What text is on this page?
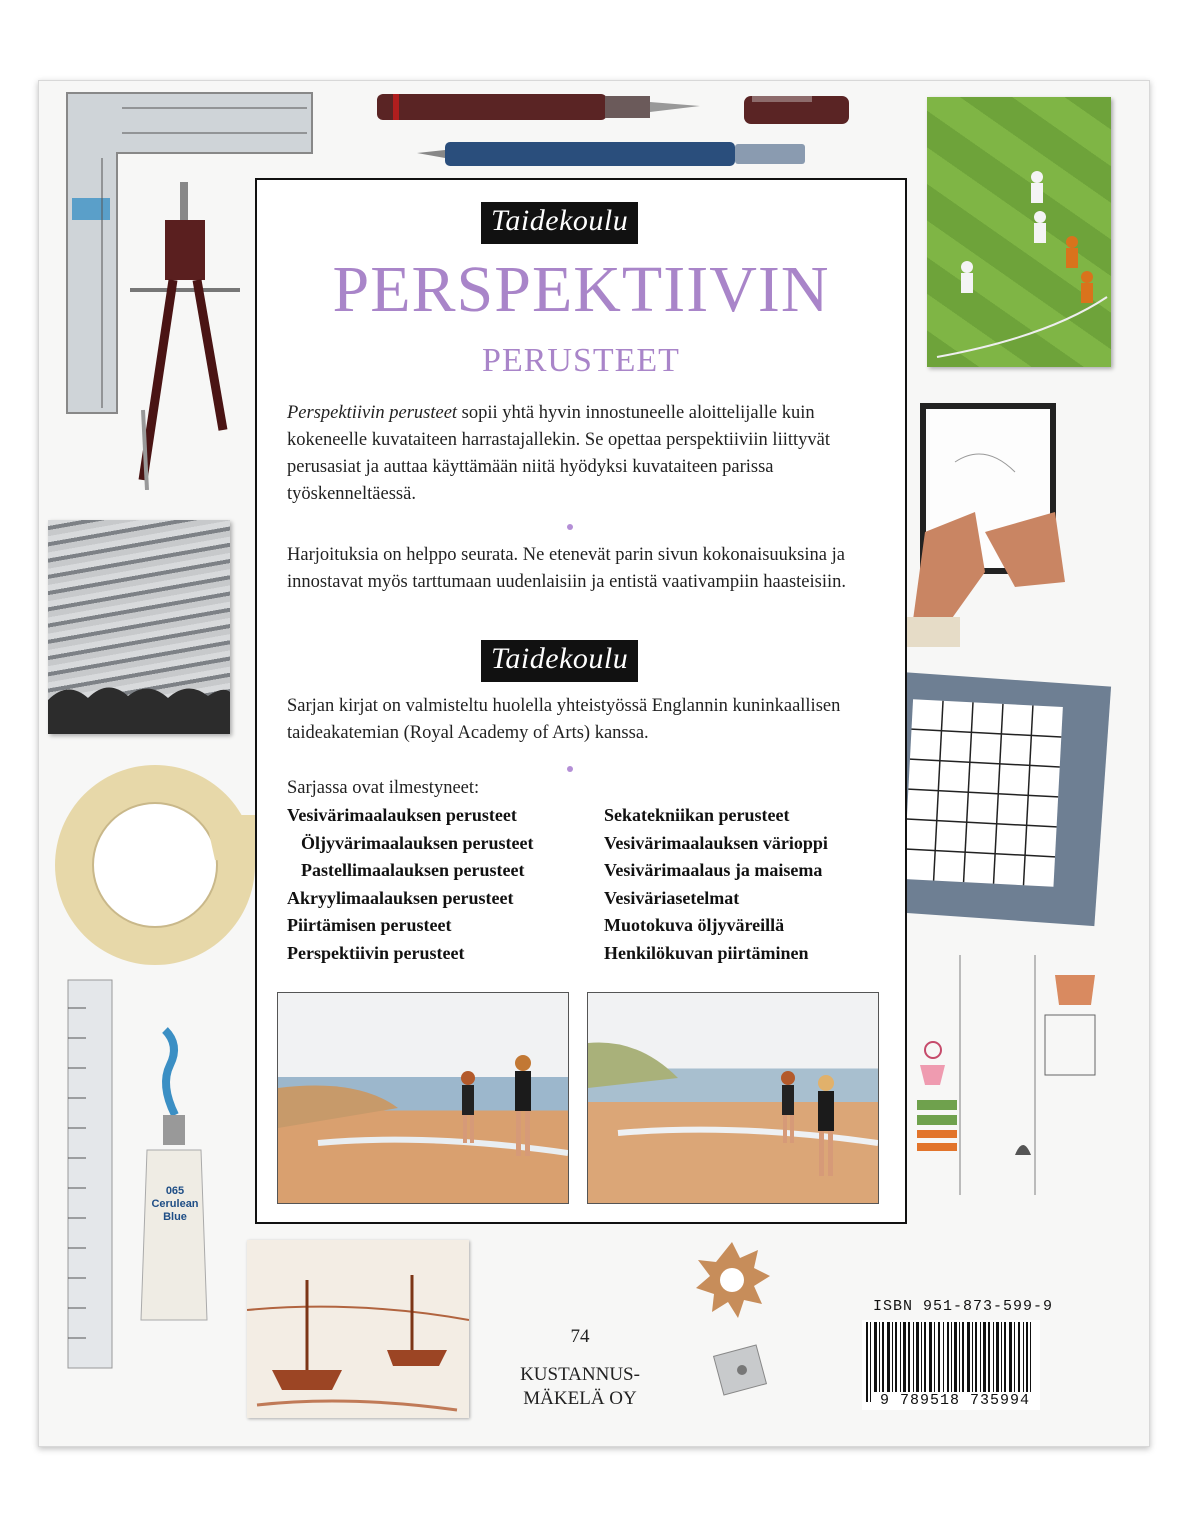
065 Cerulean Blue
Taidekoulu
PERSPEKTIIVIN
PERUSTEET
Perspektiivin perusteet sopii yhtä hyvin innostuneelle aloittelijalle kuin kokeneelle kuvataiteen harrastajallekin. Se opettaa perspektiiviin liittyvät perusasiat ja auttaa käyttämään niitä hyödyksi kuvataiteen parissa työskenneltäessä.
Harjoituksia on helppo seurata. Ne etenevät parin sivun kokonaisuuksina ja innostavat myös tarttumaan uudenlaisiin ja entistä vaativampiin haasteisiin.
Taidekoulu
Sarjan kirjat on valmisteltu huolella yhteistyössä Englannin kuninkaallisen taideakatemian (Royal Academy of Arts) kanssa.
Sarjassa ovat ilmestyneet:
Vesivärimaalauksen perusteet
Öljyvärimaalauksen perusteet
Pastellimaalauksen perusteet
Akryylimaalauksen perusteet
Piirtämisen perusteet
Perspektiivin perusteet
Sekatekniikan perusteet
Vesivärimaalauksen värioppi
Vesivärimaalaus ja maisema
Vesiväriasetelmat
Muotokuva öljyväreillä
Henkilökuvan piirtäminen
74
KUSTANNUS-
MÄKELÄ OY
ISBN 951-873-599-9
9 789518 735994
